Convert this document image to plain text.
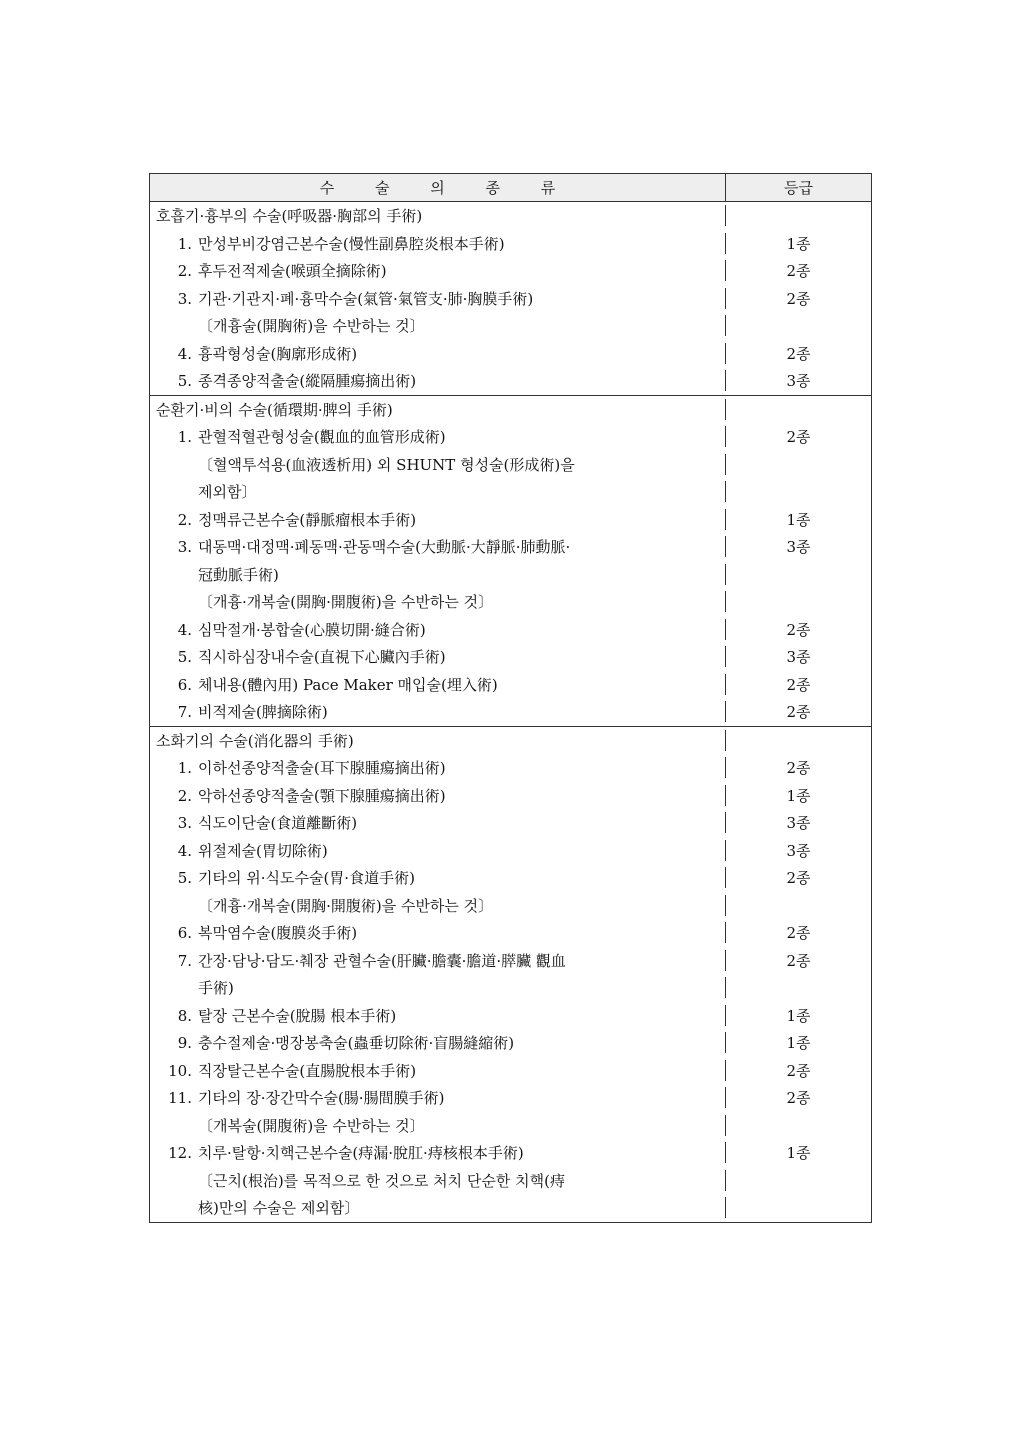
수 술 의 종 류	등급
호흡기·흉부의 수술(呼吸器·胸部의 手術)
1. 만성부비강염근본수술(慢性副鼻腔炎根本手術)	1종
2. 후두전적제술(喉頭全摘除術)	2종
3. 기관·기관지·폐·흉막수술(氣管·氣管支·肺·胸膜手術)	2종
〔개흉술(開胸術)을 수반하는 것〕
4. 흉곽형성술(胸廓形成術)	2종
5. 종격종양적출술(縱隔腫瘍摘出術)	3종
순환기·비의 수술(循環期·脾의 手術)
1. 관혈적혈관형성술(觀血的血管形成術)	2종
〔혈액투석용(血液透析用) 외 SHUNT 형성술(形成術)을
제외함〕
2. 정맥류근본수술(靜脈瘤根本手術)	1종
3. 대동맥·대정맥·폐동맥·관동맥수술(大動脈·大靜脈·肺動脈·	3종
冠動脈手術)
〔개흉·개복술(開胸·開腹術)을 수반하는 것〕
4. 심막절개·봉합술(心膜切開·縫合術)	2종
5. 직시하심장내수술(直視下心臟內手術)	3종
6. 체내용(體內用) Pace Maker 매입술(埋入術)	2종
7. 비적제술(脾摘除術)	2종
소화기의 수술(消化器의 手術)
1. 이하선종양적출술(耳下腺腫瘍摘出術)	2종
2. 악하선종양적출술(顎下腺腫瘍摘出術)	1종
3. 식도이단술(食道離斷術)	3종
4. 위절제술(胃切除術)	3종
5. 기타의 위·식도수술(胃·食道手術)	2종
〔개흉·개복술(開胸·開腹術)을 수반하는 것〕
6. 복막염수술(腹膜炎手術)	2종
7. 간장·담낭·담도·췌장 관혈수술(肝臟·膽囊·膽道·膵臟 觀血	2종
手術)
8. 탈장 근본수술(脫腸 根本手術)	1종
9. 충수절제술·맹장봉축술(蟲垂切除術·盲腸縫縮術)	1종
10. 직장탈근본수술(直腸脫根本手術)	2종
11. 기타의 장·장간막수술(腸·腸間膜手術)	2종
〔개복술(開腹術)을 수반하는 것〕
12. 치루·탈항·치핵근본수술(痔漏·脫肛·痔核根本手術)	1종
〔근치(根治)를 목적으로 한 것으로 처치 단순한 치핵(痔
核)만의 수술은 제외함〕
